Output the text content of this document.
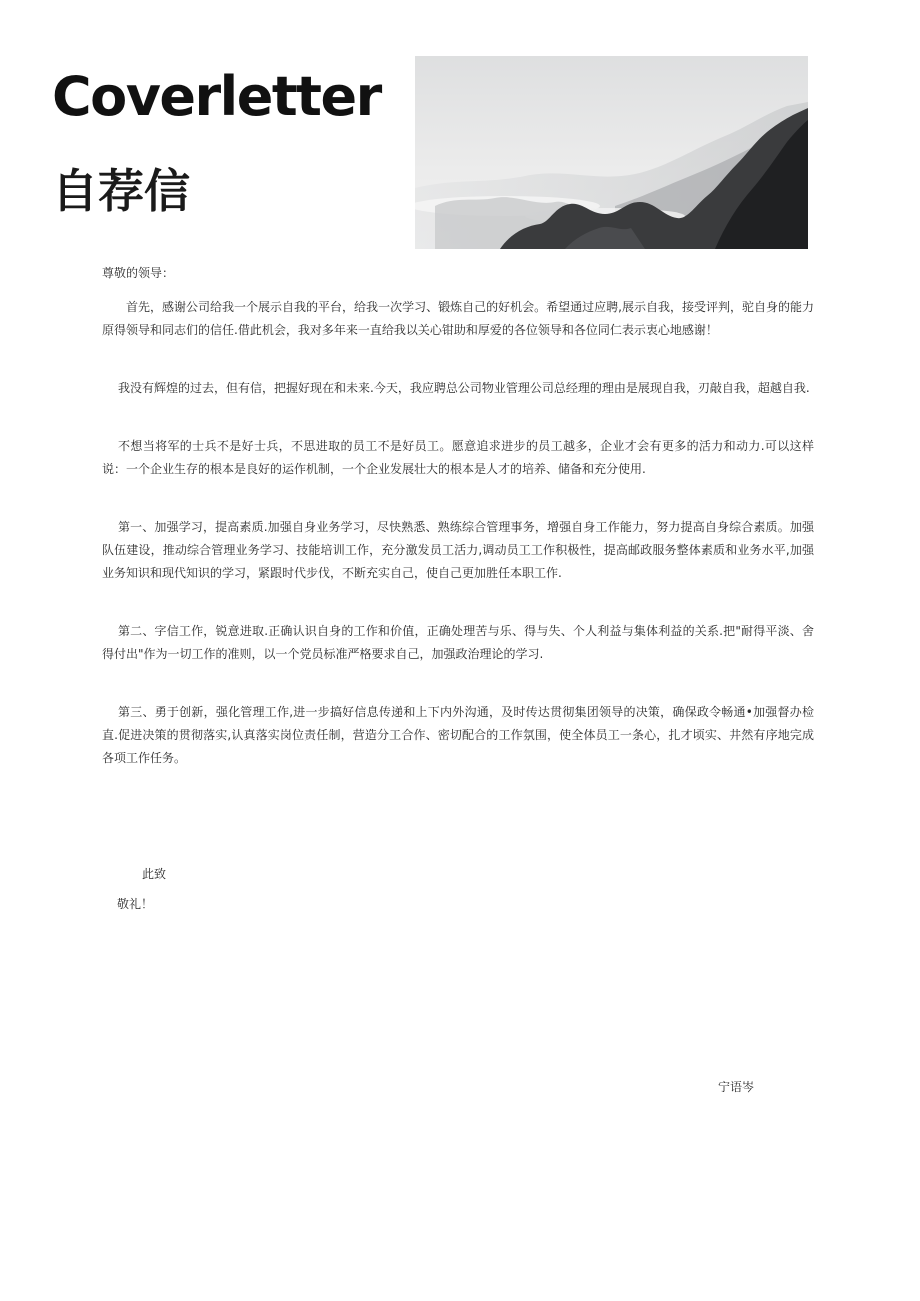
Coverletter
自荐信

尊敬的领导：

首先，感谢公司给我一个展示自我的平台，给我一次学习、锻炼自己的好机会。希望通过应聘,展示自我，接受评判，驼自身的能力原得领导和同志们的信任.借此机会，我对多年来一直给我以关心钳助和厚爱的各位领导和各位同仁表示衷心地感谢！

我没有辉煌的过去，但有信，把握好现在和未来.今天，我应聘总公司物业管理公司总经理的理由是展现自我，刃敲自我，超越自我.

不想当将军的士兵不是好士兵，不思进取的员工不是好员工。愿意追求进步的员工越多，企业才会有更多的活力和动力.可以这样说：一个企业生存的根本是良好的运作机制，一个企业发展壮大的根本是人才的培养、储备和充分使用.

第一、加强学习，提高素质.加强自身业务学习，尽快熟悉、熟练综合管理事务，增强自身工作能力，努力提高自身综合素质。加强队伍建设，推动综合管理业务学习、技能培训工作，充分激发员工活力,调动员工工作积极性，提高邮政服务整体素质和业务水平,加强业务知识和现代知识的学习，紧跟时代步伐，不断充实自己，使自己更加胜任本职工作.

第二、字信工作，锐意进取.正确认识自身的工作和价值，正确处理苦与乐、得与失、个人利益与集体利益的关系.把"耐得平淡、舍得付出"作为一切工作的准则，以一个党员标准严格要求自己，加强政治理论的学习.

第三、勇于创新，强化管理工作,进一步搞好信息传递和上下内外沟通，及时传达贯彻集团领导的决策，确保政令畅通•加强督办检直.促进决策的贯彻落实,认真落实岗位责任制，营造分工合作、密切配合的工作氛围，使全体员工一条心，扎才顷实、井然有序地完成各项工作任务。

此致
敬礼！
宁语岑
